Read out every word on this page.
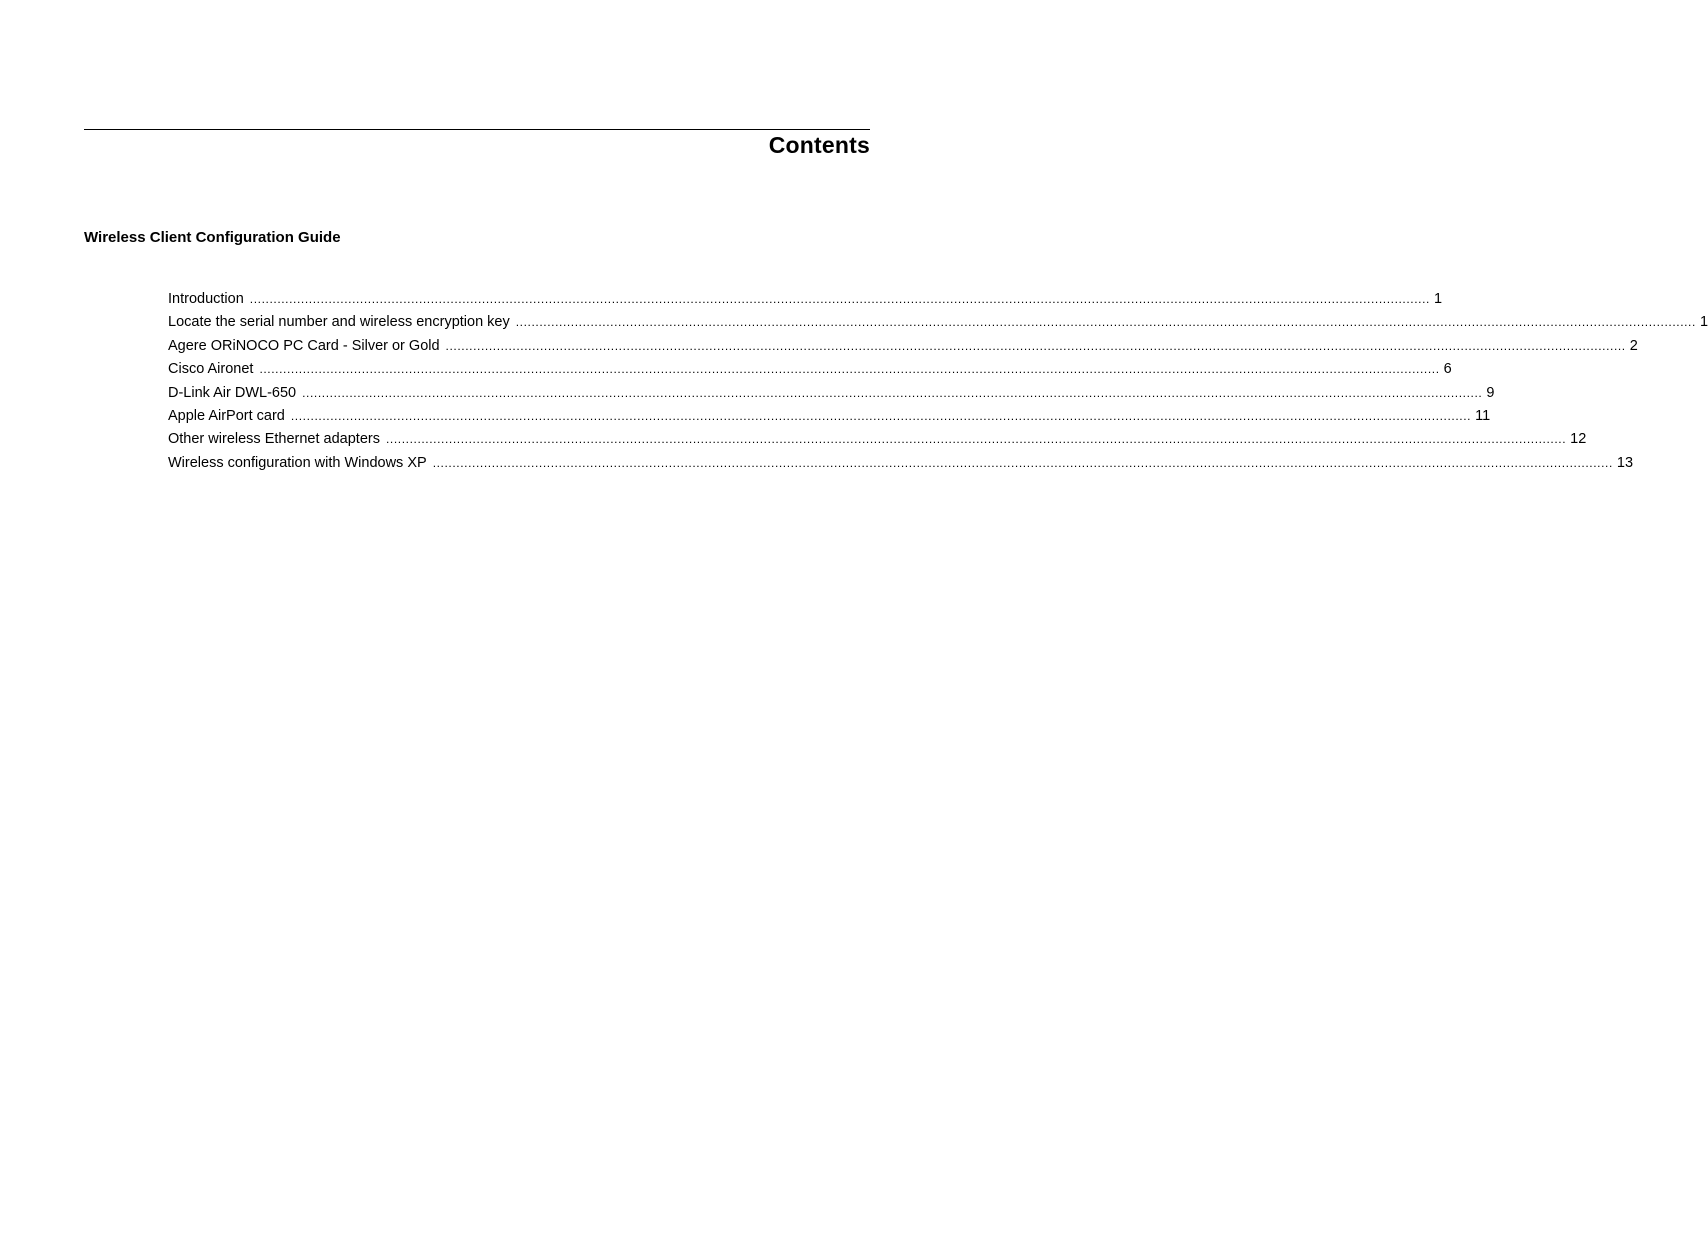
Contents
Wireless Client Configuration Guide
Introduction ............................................................................................................................................................................................................................................................................................................ 1
Locate the serial number and wireless encryption key ............................................................................................................................................................................................................................................................................................................ 1
Agere ORiNOCO PC Card - Silver or Gold ............................................................................................................................................................................................................................................................................................................ 2
Cisco Aironet ............................................................................................................................................................................................................................................................................................................ 6
D-Link Air DWL-650 ............................................................................................................................................................................................................................................................................................................ 9
Apple AirPort card ............................................................................................................................................................................................................................................................................................................ 11
Other wireless Ethernet adapters ............................................................................................................................................................................................................................................................................................................ 12
Wireless configuration with Windows XP ............................................................................................................................................................................................................................................................................................................ 13
